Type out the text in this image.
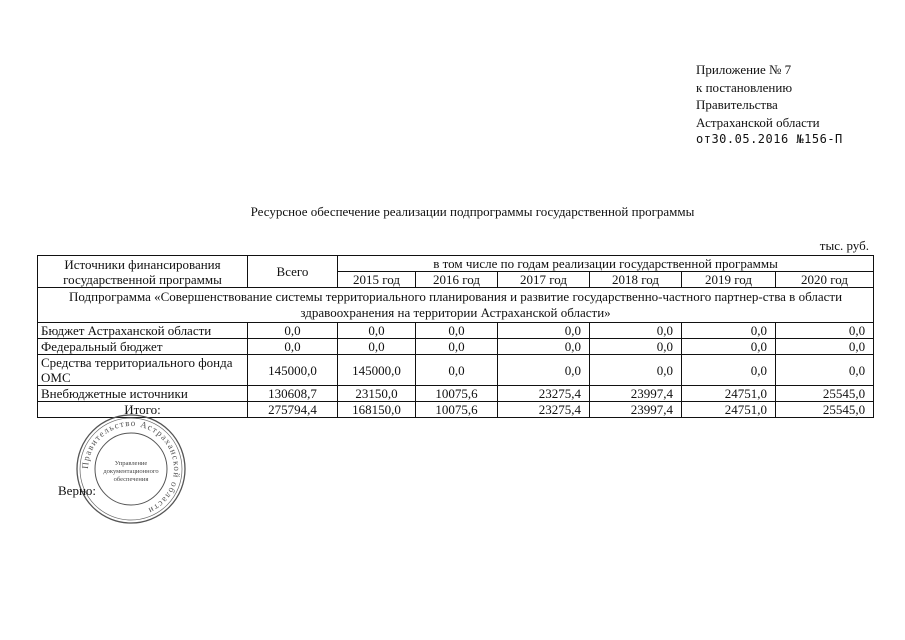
Приложение № 7
к постановлению
Правительства
Астраханской области
от30.05.2016 №156-П
Ресурсное обеспечение реализации подпрограммы государственной программы
тыс. руб.
Источники финансирования государственной программы	Всего	в том числе по годам реализации государственной программы					
		2015 год	2016 год	2017 год	2018 год	2019 год	2020 год
Подпрограмма «Совершенствование системы территориального планирования и развитие государственно-частного партнер-ства в области здравоохранения на территории Астраханской области»							
Бюджет Астраханской области	0,0	0,0	0,0	0,0	0,0	0,0	0,0
Федеральный бюджет	0,0	0,0	0,0	0,0	0,0	0,0	0,0
Средства территориального фонда ОМС	145000,0	145000,0	0,0	0,0	0,0	0,0	0,0
Внебюджетные источники	130608,7	23150,0	10075,6	23275,4	23997,4	24751,0	25545,0
Итого:	275794,4	168150,0	10075,6	23275,4	23997,4	24751,0	25545,0
Правительство Астраханской области
Управление
документационного
обеспечения
Верно:
